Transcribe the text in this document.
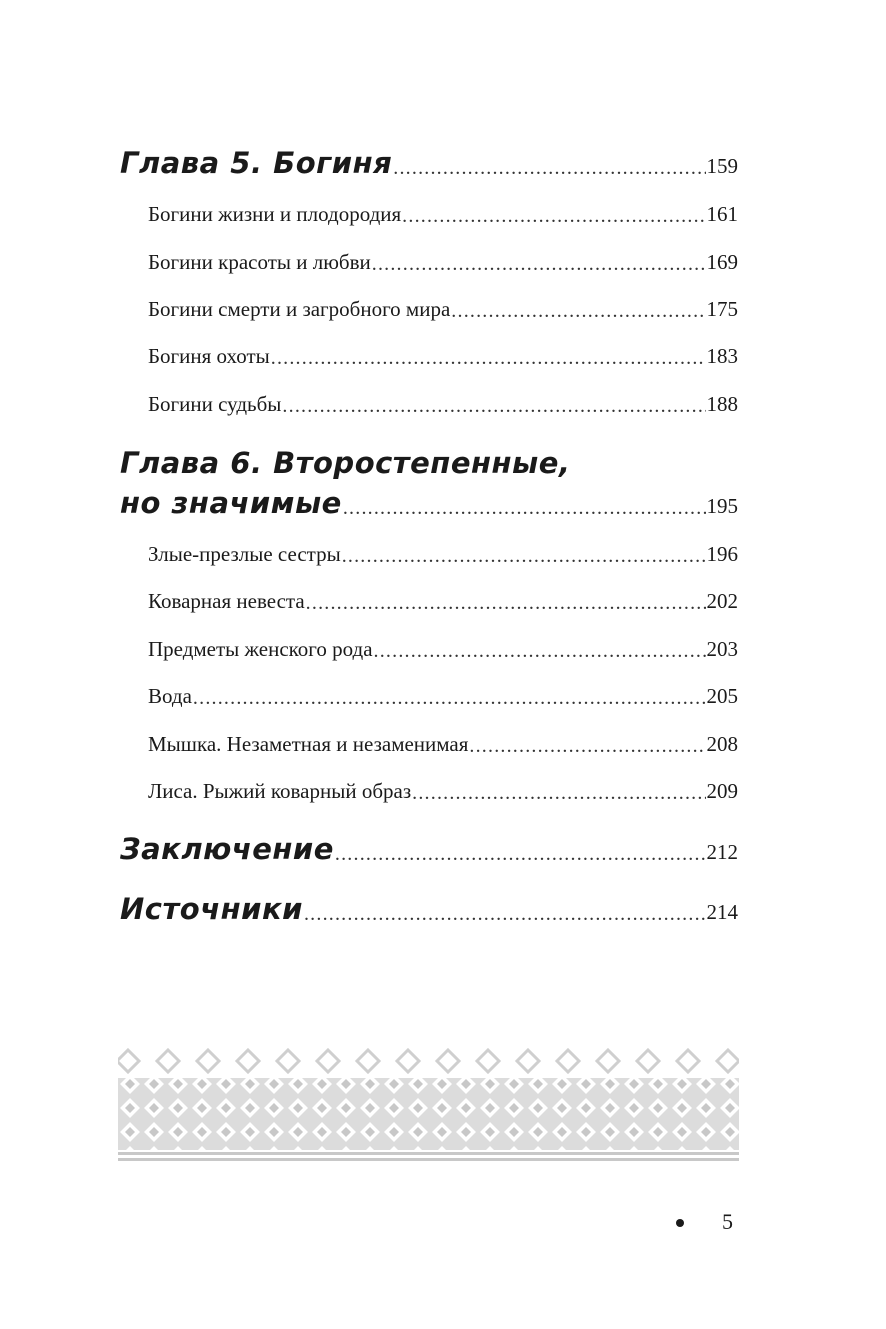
Глава 5. Богиня . . .	159
Богини жизни и плодородия . . .	161
Богини красоты и любви . . .	169
Богини смерти и загробного мира . . .	175
Богиня охоты . . .	183
Богини судьбы . . .	188
Глава 6. Второстепенные,
но значимые . . .	195
Злые-презлые сестры . . .	196
Коварная невеста . . .	202
Предметы женского рода . . .	203
Вода . . .	205
Мышка. Незаметная и незаменимая . . .	208
Лиса. Рыжий коварный образ . . .	209
Заключение . . .	212
Источники . . .	214
5
